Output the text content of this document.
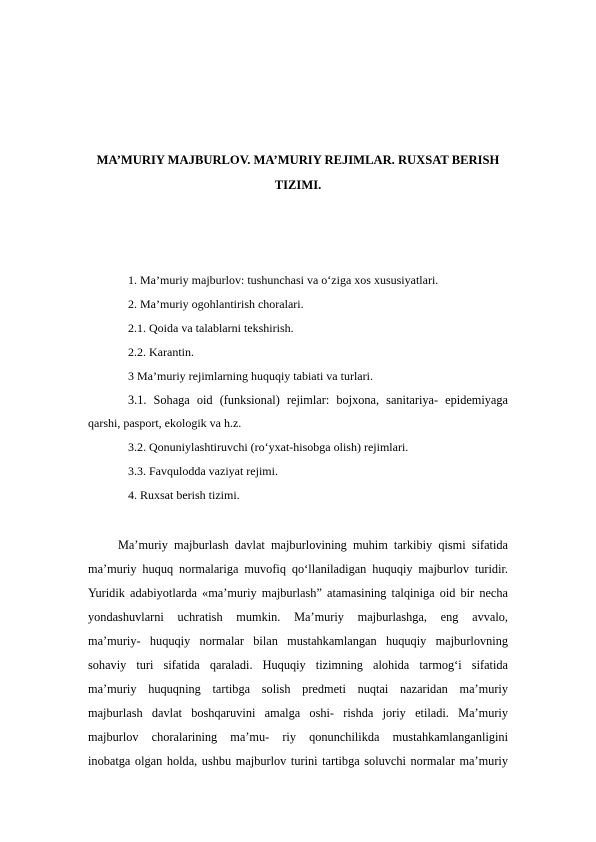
MA’MURIY MAJBURLOV. MA’MURIY REJIMLAR. RUXSAT BERISH

TIZIMI.

1. Ma’muriy majburlov: tushunchasi va o‘ziga xos xususiyatlari.

2. Ma’muriy ogohlantirish choralari.

2.1. Qoida va talablarni tekshirish.

2.2. Karantin.

3 Ma’muriy rejimlarning huquqiy tabiati va turlari.

3.1. Sohaga oid (funksional) rejimlar: bojxona, sanitariya- epidemiyaga

qarshi, pasport, ekologik va h.z.

3.2. Qonuniylashtiruvchi (ro‘yxat-hisobga olish) rejimlari.

3.3. Favqulodda vaziyat rejimi.

4. Ruxsat berish tizimi.

Ma’muriy majburlash davlat majburlovining muhim tarkibiy qismi sifatida

ma’muriy huquq normalariga muvofiq qo‘llaniladigan huquqiy majburlov turidir.

Yuridik adabiyotlarda «ma’muriy majburlash” atamasining talqiniga oid bir necha

yondashuvlarni uchratish mumkin. Ma’muriy majburlashga, eng avvalo,

ma’muriy- huquqiy normalar bilan mustahkamlangan huquqiy majburlovning

sohaviy turi sifatida qaraladi. Huquqiy tizimning alohida tarmog‘i sifatida

ma’muriy huquqning tartibga solish predmeti nuqtai nazaridan ma’muriy

majburlash davlat boshqaruvini amalga oshi- rishda joriy etiladi. Ma’muriy

majburlov choralarining ma’mu- riy qonunchilikda mustahkamlanganligini

inobatga olgan holda, ushbu majburlov turini tartibga soluvchi normalar ma’muriy
